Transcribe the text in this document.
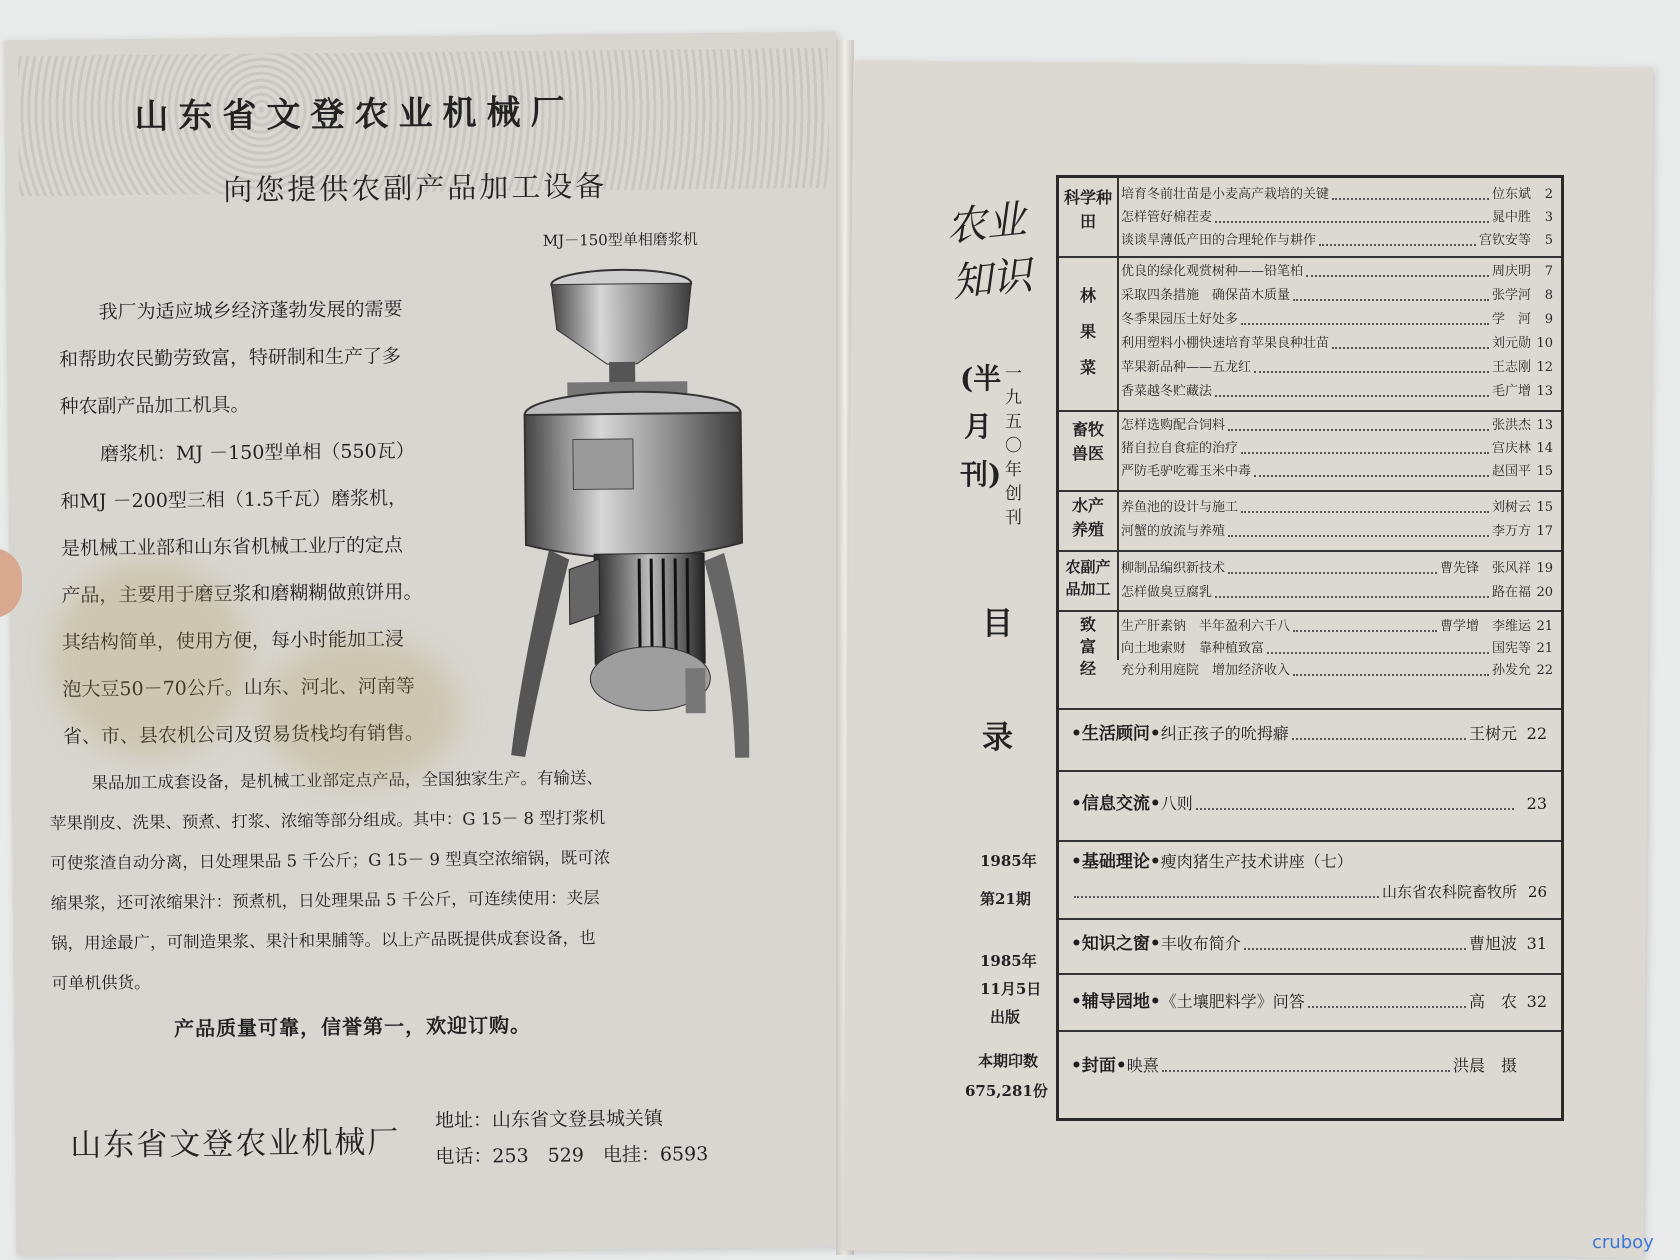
山东省文登农业机械厂
向您提供农副产品加工设备
MJ－150型单相磨浆机
我厂为适应城乡经济蓬勃发展的需要
和帮助农民勤劳致富，特研制和生产了多
种农副产品加工机具。
磨浆机：MJ －150型单相（550瓦）
和MJ －200型三相（1.5千瓦）磨浆机，
是机械工业部和山东省机械工业厅的定点
产品，主要用于磨豆浆和磨糊糊做煎饼用。
其结构简单，使用方便，每小时能加工浸
泡大豆50－70公斤。山东、河北、河南等
省、市、县农机公司及贸易货栈均有销售。
果品加工成套设备，是机械工业部定点产品，全国独家生产。有输送、
苹果削皮、洗果、预煮、打浆、浓缩等部分组成。其中：G 15－ 8 型打浆机
可使浆渣自动分离，日处理果品 5 千公斤；G 15－ 9 型真空浓缩锅，既可浓
缩果浆，还可浓缩果汁：预煮机，日处理果品 5 千公斤，可连续使用：夹层
锅，用途最广，可制造果浆、果汁和果脯等。以上产品既提供成套设备，也
可单机供货。
产品质量可靠，信誉第一，欢迎订购。
山东省文登农业机械厂
地址：山东省文登县城关镇
电话：253　529　电挂：6593
农业知识
(半月刊)
一九五〇年创刊
目
录
1985年
第21期
1985年
11月5日
出版
本期印数
675,281份
科学种田
培育冬前壮苗是小麦高产栽培的关键	位东斌	2
怎样管好棉茬麦	晁中胜	3
谈谈旱薄低产田的合理轮作与耕作	宫钦安等	5
林果菜
优良的绿化观赏树种——铅笔柏	周庆明	7
采取四条措施　确保苗木质量	张学河	8
冬季果园压土好处多	学　河	9
利用塑料小棚快速培育苹果良种壮苗	刘元勋 10
苹果新品种——五龙红	王志刚 12
香菜越冬贮藏法	毛广增 13
畜牧兽医
怎样选购配合饲料	张洪杰 13
猪自拉自食症的治疗	宫庆林 14
严防毛驴吃霉玉米中毒	赵国平 15
水产养殖
养鱼池的设计与施工	刘树云 15
河蟹的放流与养殖	李万方 17
农副产品加工
柳制品编织新技术	曹先锋　张风祥 19
怎样做臭豆腐乳	路在福 20
致富经
生产肝素钠　半年盈利六千八	曹学增　李维运 21
向土地索财　靠种植致富	国宪等 21
充分利用庭院　增加经济收入	孙发允 22
•生活顾问• 纠正孩子的吮拇癖	王树元 22
•信息交流• 八则	23
•基础理论• 瘦肉猪生产技术讲座（七）
山东省农科院畜牧所 26
•知识之窗• 丰收布简介	曹旭波 31
•辅导园地• 《土壤肥料学》问答	高　农 32
•封面• 映熹	洪晨　摄
cruboy
